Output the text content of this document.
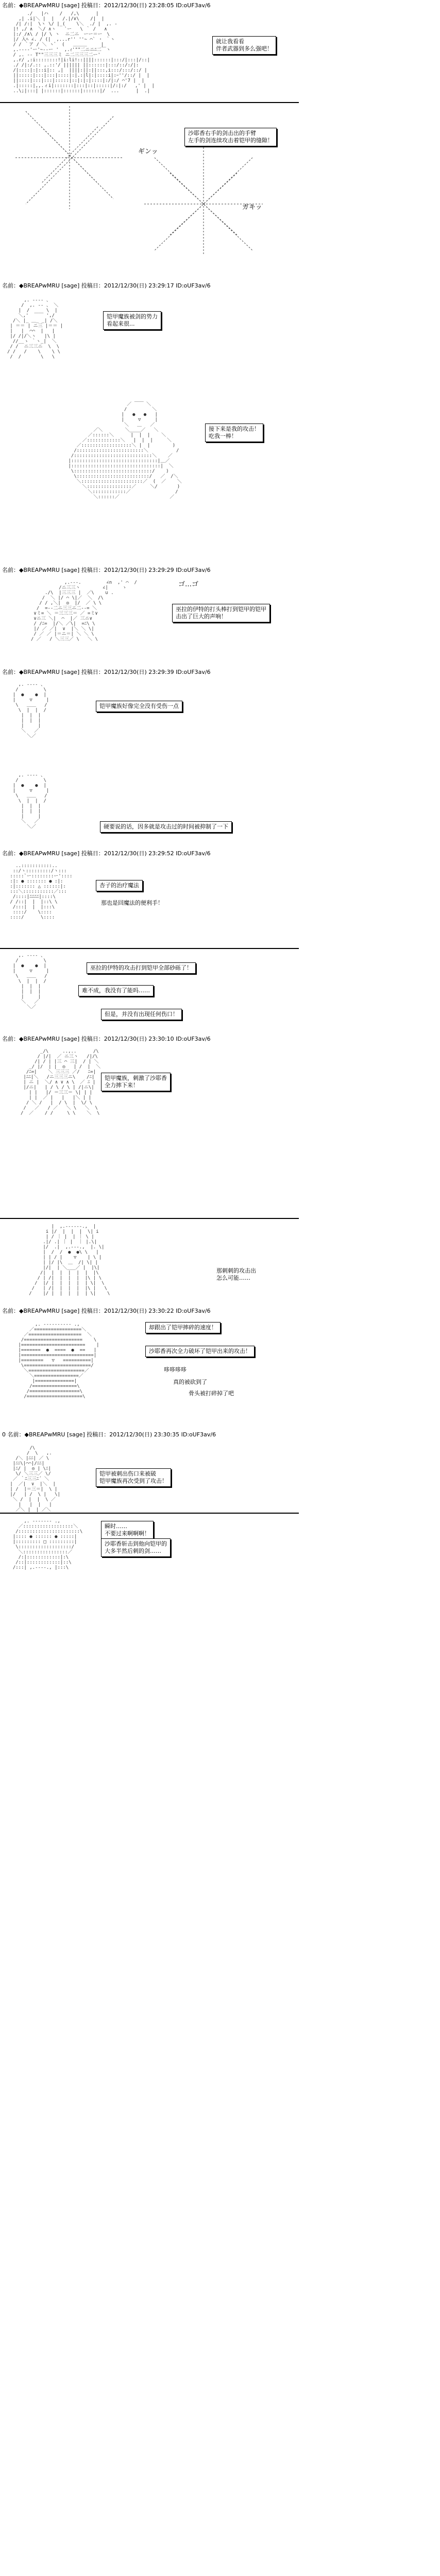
名前：◆BREAPwMRU [sage] 投稿日：2012/12/30(日) 23:28:05 ID:oUF3av/6
./   |ハ    /   /,\      |
,| .i|＼ |  |   /.|/∨\    /|  |
/| /:|  \ヽ \/ |_(    \＼  ./ |  ,. ‐
|! ,/ ∧  ＼/ ∧ヽ   `ー   \ ｀ /   ∧
|:/ /∧\ / |/ \ ヽ  ニ二ニ　ーー＝ー　\
|/ 入ﾍ ∠. / (|  ,...r'' ''~ ⌒` ・ ｀ヽ
/ / ｀ア / ＼ ヽﾞ  (   ＿＿＿     |
,.-‐--'ー'~‐-ー '  ,.ｨ'""二ニニﾆ二￣ヽ
/ ,. -‐ T""三三三ミ ニ二三三三二ー'
,.r/ ,:i::::::::!|i:li!::||||::::::|:::/|:::|/::|
./ /|:/.:: ,.::'/ |||||| ||::::::|:::/::/:/|:
/|::::|:|::i|:: ,|  ||||:||:||:::,i:::/:::/::/ |
||:::::|:::|:::|::::|:|.:|l|:|::::i|:ｰ''/::/ |  |
||::::|:::|:::|:::::|::|:|:|::::|:/|:/ ⌒'7 |  |
.|:::::|,,.ィi|:::::::|:::|::|:::::|/:|:/   ,' |  |
..\;|:::| |::::::|::::::|::::::|/  ...      |  .|
就让我看看
伴者武器到多么强吧！
沙耶香右手的剑击出的手臂
左手的剑连续攻击着铠甲的缝隙！
ギンッ
ガキッ
名前：◆BREAPwMRU [sage] 投稿日：2012/12/30(日) 23:29:17 ID:oUF3av/6
,. -‐‐- 、
/  ,. -- 、 ＼
|  /      \  |
＼,'  ￣￣ ',/
/＼ |_ ＿_ _| /＼
| ＝＝ | ニ三 |＝＝ |
|   |  ⌒⌒  |   |
|/ /|/＼ヽ   |\ |
//__ゝ ｀ヽ_|  ＼
/ /  ニ三三ニ  \  \
/ /   /    \    \ \
/  /       \   \
铠甲魔族被剑的势力
看起来很...
／ ￣￣ ＼
/         ＼
|   ●   ●   |
|     ▽     |
＼   ＿   ／
／＼        ＼____／   ＼
／::::::＼      |  |  |    ＼
／::::::::::::＼   |  |  |     ＼
／::::::::::::::::::＼ |  |        )
/::::::::::::::::::::::::＼          /
/::::::::::::::::::::::::::::＼    ／
|:::::::::::::::::::::::::::::::|＿／
|::::::::::::::::::::::::::::::::|  ＼
\::::::::::::::::::::::::::::/    )
\::::::::::::::::::::::::::/   ／  /＼
＼::::::::::::::::::::::／  (  ／    ＼
＼::::::::::::::::／     ＼/       )
＼::::::::::::／                /
＼::::::／                  ／
接下来是我的攻击！
吃我一棒！
名前：◆BREAPwMRU [sage] 投稿日：2012/12/30(日) 23:29:29 ID:oUF3av/6
,.-‐-.         ∠n  ,' ⌒  /
/ニ三三ヽ        ∠|     ゝ
./\  |三三三 |  ／\    ∪ .
/  ＼ |/ ⌒ \|／  ＼  /\
/ / ,＼|  ◎  |/  ／ \ \
/  =-‐二ニ三三ニ二‐-= ＼
∨ミ= ＼ ＝三三三＝ ／ =ミ∨
∨ニ三 ＼|  ⌒  |／ 三ニ∨
/ /ﾆ=  |/＼ ／\|  =ﾆ\ \
|/ ／ ／|  ∨  |＼ ＼ \|
/ ／ ／ |＝ニ＝| ＼ ＼ \
/ ／   / ＼三三／ \   ＼ \
ゴ…ゴ
巫拉的伊特的打头棒打到铠甲的铠甲
击出了巨大的声响！
名前：◆BREAPwMRU [sage] 投稿日：2012/12/30(日) 23:29:39 ID:oUF3av/6
,. -‐‐- 、
/         \
|  ●    ●  |
|     ▽     |
\   ＿＿   /
\  |  |  /
|  |  |
|  |  |
|     |
＼   ／
＼／
铠甲魔族好像完全没有受伤一点
,. -‐‐- 、
/         \
|  ●    ●  |
|     ▽     |
\   ＿＿   /
\  |  |  /
|  |  |
|  |  |
|     |
＼   ／
＼／	硬要说的话，因多就是攻击过的时间被抑制了一下
名前：◆BREAPwMRU [sage] 投稿日：2012/12/30(日) 23:29:52 ID:oUF3av/6
..:::::::::::..
::/ヽ:::::::::/ヽ:::
:::::`ー::::::::ー'::::
:|: ● ::::::: ● :|:
:|::::::: △ ::::::|:
:::＼:::::::::::／:::
/::::|ﾆﾆﾆﾆ|::::\
/ /::|  |  |::\ \
/:::|  |  |:::\
::::/    \::::
::::/      \::::
杏子的治疗魔法
那也是回魔法的便利手！
,. -‐‐- 、
/         \
|  ●    ●  |
|     ▽     |
\   ＿＿   /
\  |  |  /
|  |  |
|  |  |
|     |
＼   ／
＼／
巫拉的伊特的攻击打到铠甲全部砂砾了！
难不成，我没有了能吗……
但是，并没有出现任何伤口！
名前：◆BREAPwMRU [sage] 投稿日：2012/12/30(日) 23:30:10 ID:oUF3av/6
_/\     ..,..      /\
/ |/|  ／ ニ三ヽ   /|/\
/| / | |三 ⌒ 三|  / | ＼
_/ |/  | |  ◎   | /  |  ＼
/ﾆ=|    ＼ 三三三 ／/   ﾆ=|
|ﾆﾆ|＼   /ニ三三三ニ\    /ﾆ|
| ニ |  ＼/ ∧ ∨ ∧ \  ／ ﾆ |
|/ニ|   | / \ / \ | /|ニ\|
| |   |/ ＝三三＝ \| | |
| |  ／ |   |   |＼ | |
/ ＼ /   |  / \  |  \/ \
/   ／   / ／   ＼ \   ＼  \
/  ／    / /     \ \    ＼  \
铠甲魔族，刺激了沙耶香
全力摔下来！
|  ,.-‐‐‐‐-.,  |
i |/  |  |  |  \| i
| / ｜ |  | ｜ \ |
.|/ .| ｜ |  ｜ |.\|
|/  .|  ,.-‐-.,  |. \|
|  /  /  ●  ●\ \   |
| | / |    ▽    | \ |
| |/ |\  ＿  /| \| |
|/|  | ＼___／ |  |\|
/|  |  |  |  |  |  |\
/ | /|  |  |  |  |\ | \
/  |/ |  |  |  |  | \|  \
/   | /|  |  |  |  |\ |   \
/    |/ |  |  |  |  | \|    \
那刺刺的攻击出
怎么可能……
名前：◆BREAPwMRU [sage] 投稿日：2012/12/30(日) 23:30:22 ID:oUF3av/6
,. -‐‐‐‐‐‐‐‐- .,
／=================＼
／===================  ＼
/=====================    \
|=======================    |
|=======  ●  ====  ●  ==   |
|==========================|
|========   ▽   ==========|
\========================/
＼====================／
＼================／
|==============|
/================\
/==================\
/====================\
却跟出了铠甲摔碎的速度！
沙耶香再次全力破坏了铠甲出来的攻击！
哆哆哆哆
真的被砍到了
骨头被打碎掉了吧
0 名前：◆BREAPwMRU [sage] 投稿日：2012/12/30(日) 23:30:35 ID:oUF3av/6
/\
/  \   ,.
/＼ |ﾆﾆ| ／ \
|ﾆﾆ\|⌒⌒|/ﾆﾆ|
|ﾆ/ |  ◎ | \ﾆ|
\/ ＼三三／ \/
／ ｀ﾆ三三ﾆ´ ＼
|  ／|  ∨  |＼  |
| /  |＝三＝|  \ |
|/   | /  \ |   \|
＼ /  |  |  \ ／
|   |  |   |
／＼ |  | ／＼
铠甲被刺出伤口来被破
铠甲魔族再次受到了攻击！
,. -‐‐‐‐‐- .,
／::::::::::::::::::＼
/::::::::::::::::::::::\
|:::: ● :::::: ● :::::|
|::::::::: □ :::::::::|
\:::::::::::::::::::/
＼::::::::::::::::／
/:|::::::::::::|:\
/::|::::::::::::|::\
/:::| ,.-‐‐-., |:::\
瞬时……
不要过来啊啊啊！
沙耶香斩击到他向铠甲的
大多半然后刺的剑……
